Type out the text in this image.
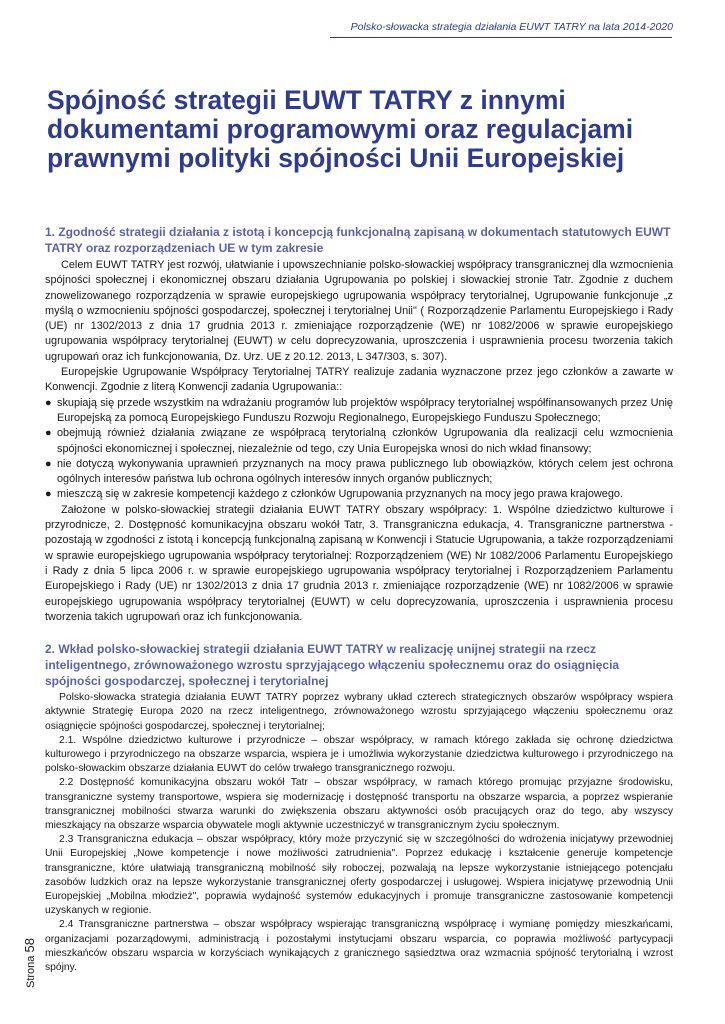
Polsko-słowacka strategia działania EUWT TATRY na lata 2014-2020
Spójność strategii EUWT TATRY z innymi dokumentami programowymi oraz regulacjami prawnymi polityki spójności Unii Europejskiej
1. Zgodność strategii działania z istotą i koncepcją funkcjonalną zapisaną w dokumentach statutowych EUWT TATRY oraz rozporządzeniach UE w tym zakresie

Celem EUWT TATRY jest rozwój, ułatwianie i upowszechnianie polsko-słowackiej współpracy transgranicznej dla wzmocnienia spójności społecznej i ekonomicznej obszaru działania Ugrupowania po polskiej i słowackiej stronie Tatr. Zgodnie z duchem znowelizowanego rozporządzenia w sprawie europejskiego ugrupowania współpracy terytorialnej, Ugrupowanie funkcjonuje „z myślą o wzmocnieniu spójności gospodarczej, społecznej i terytorialnej Unii" ( Rozporządzenie Parlamentu Europejskiego i Rady (UE) nr 1302/2013 z dnia 17 grudnia 2013 r. zmieniające rozporządzenie (WE) nr 1082/2006 w sprawie europejskiego ugrupowania współpracy terytorialnej (EUWT) w celu doprecyzowania, uproszczenia i usprawnienia procesu tworzenia takich ugrupowań oraz ich funkcjonowania, Dz. Urz. UE z 20.12. 2013, L 347/303, s. 307).

Europejskie Ugrupowanie Współpracy Terytorialnej TATRY realizuje zadania wyznaczone przez jego członków a zawarte w Konwencji. Zgodnie z literą Konwencji zadania Ugrupowania::

● skupiają się przede wszystkim na wdrażaniu programów lub projektów współpracy terytorialnej współfinansowanych przez Unię Europejską za pomocą Europejskiego Funduszu Rozwoju Regionalnego, Europejskiego Funduszu Społecznego;
● obejmują również działania związane ze współpracą terytorialną członków Ugrupowania dla realizacji celu wzmocnienia spójności ekonomicznej i społecznej, niezależnie od tego, czy Unia Europejska wnosi do nich wkład finansowy;
● nie dotyczą wykonywania uprawnień przyznanych na mocy prawa publicznego lub obowiązków, których celem jest ochrona ogólnych interesów państwa lub ochrona ogólnych interesów innych organów publicznych;
● mieszczą się w zakresie kompetencji każdego z członków Ugrupowania przyznanych na mocy jego prawa krajowego.

Założone w polsko-słowackiej strategii działania EUWT TATRY obszary współpracy: 1. Wspólne dziedzictwo kulturowe i przyrodnicze, 2. Dostępność komunikacyjna obszaru wokół Tatr, 3. Transgraniczna edukacja, 4. Transgraniczne partnerstwa - pozostają w zgodności z istotą i koncepcją funkcjonalną zapisaną w Konwencji i Statucie Ugrupowania, a także rozporządzeniami w sprawie europejskiego ugrupowania współpracy terytorialnej: Rozporządzeniem (WE) Nr 1082/2006 Parlamentu Europejskiego i Rady z dnia 5 lipca 2006 r. w sprawie europejskiego ugrupowania współpracy terytorialnej i Rozporządzeniem Parlamentu Europejskiego i Rady (UE) nr 1302/2013 z dnia 17 grudnia 2013 r. zmieniające rozporządzenie (WE) nr 1082/2006 w sprawie europejskiego ugrupowania współpracy terytorialnej (EUWT) w celu doprecyzowania, uproszczenia i usprawnienia procesu tworzenia takich ugrupowań oraz ich funkcjonowania.

2. Wkład polsko-słowackiej strategii działania EUWT TATRY w realizację unijnej strategii na rzecz inteligentnego, zrównoważonego wzrostu sprzyjającego włączeniu społecznemu oraz do osiągnięcia spójności gospodarczej, społecznej i terytorialnej

Polsko-słowacka strategia działania EUWT TATRY poprzez wybrany układ czterech strategicznych obszarów współpracy wspiera aktywnie Strategię Europa 2020 na rzecz inteligentnego, zrównoważonego wzrostu sprzyjającego włączeniu społecznemu oraz osiągnięcie spójności gospodarczej, społecznej i terytorialnej;

2.1. Wspólne dziedzictwo kulturowe i przyrodnicze – obszar współpracy, w ramach którego zakłada się ochronę dziedzictwa kulturowego i przyrodniczego na obszarze wsparcia, wspiera je i umożliwia wykorzystanie dziedzictwa kulturowego i przyrodniczego na polsko-słowackim obszarze działania EUWT do celów trwałego transgranicznego rozwoju.

2.2 Dostępność komunikacyjna obszaru wokół Tatr – obszar współpracy, w ramach którego promując przyjazne środowisku, transgraniczne systemy transportowe, wspiera się modernizację i dostępność transportu na obszarze wsparcia, a poprzez wspieranie transgranicznej mobilności stwarza warunki do zwiększenia obszaru aktywności osób pracujących oraz do tego, aby wszyscy mieszkający na obszarze wsparcia obywatele mogli aktywnie uczestniczyć w transgranicznym życiu społecznym.

2.3 Transgraniczna edukacja – obszar współpracy, który może przyczynić się w szczególności do wdrożenia inicjatywy przewodniej Unii Europejskiej „Nowe kompetencje i nowe możliwości zatrudnienia". Poprzez edukację i kształcenie generuje kompetencje transgraniczne, które ułatwiają transgraniczną mobilność siły roboczej, pozwalają na lepsze wykorzystanie istniejącego potencjału zasobów ludzkich oraz na lepsze wykorzystanie transgranicznej oferty gospodarczej i usługowej. Wspiera inicjatywę przewodnią Unii Europejskiej „Mobilna młodzież", poprawia wydajność systemów edukacyjnych i promuje transgraniczne zastosowanie kompetencji uzyskanych w regionie.

2.4 Transgraniczne partnerstwa – obszar współpracy wspierając transgraniczną współpracę i wymianę pomiędzy mieszkańcami, organizacjami pozarządowymi, administracją i pozostałymi instytucjami obszaru wsparcia, co poprawia możliwość partycypacji mieszkańców obszaru wsparcia w korzyściach wynikających z granicznego sąsiedztwa oraz wzmacnia spójność terytorialną i wzrost spójny.

Strona 58
